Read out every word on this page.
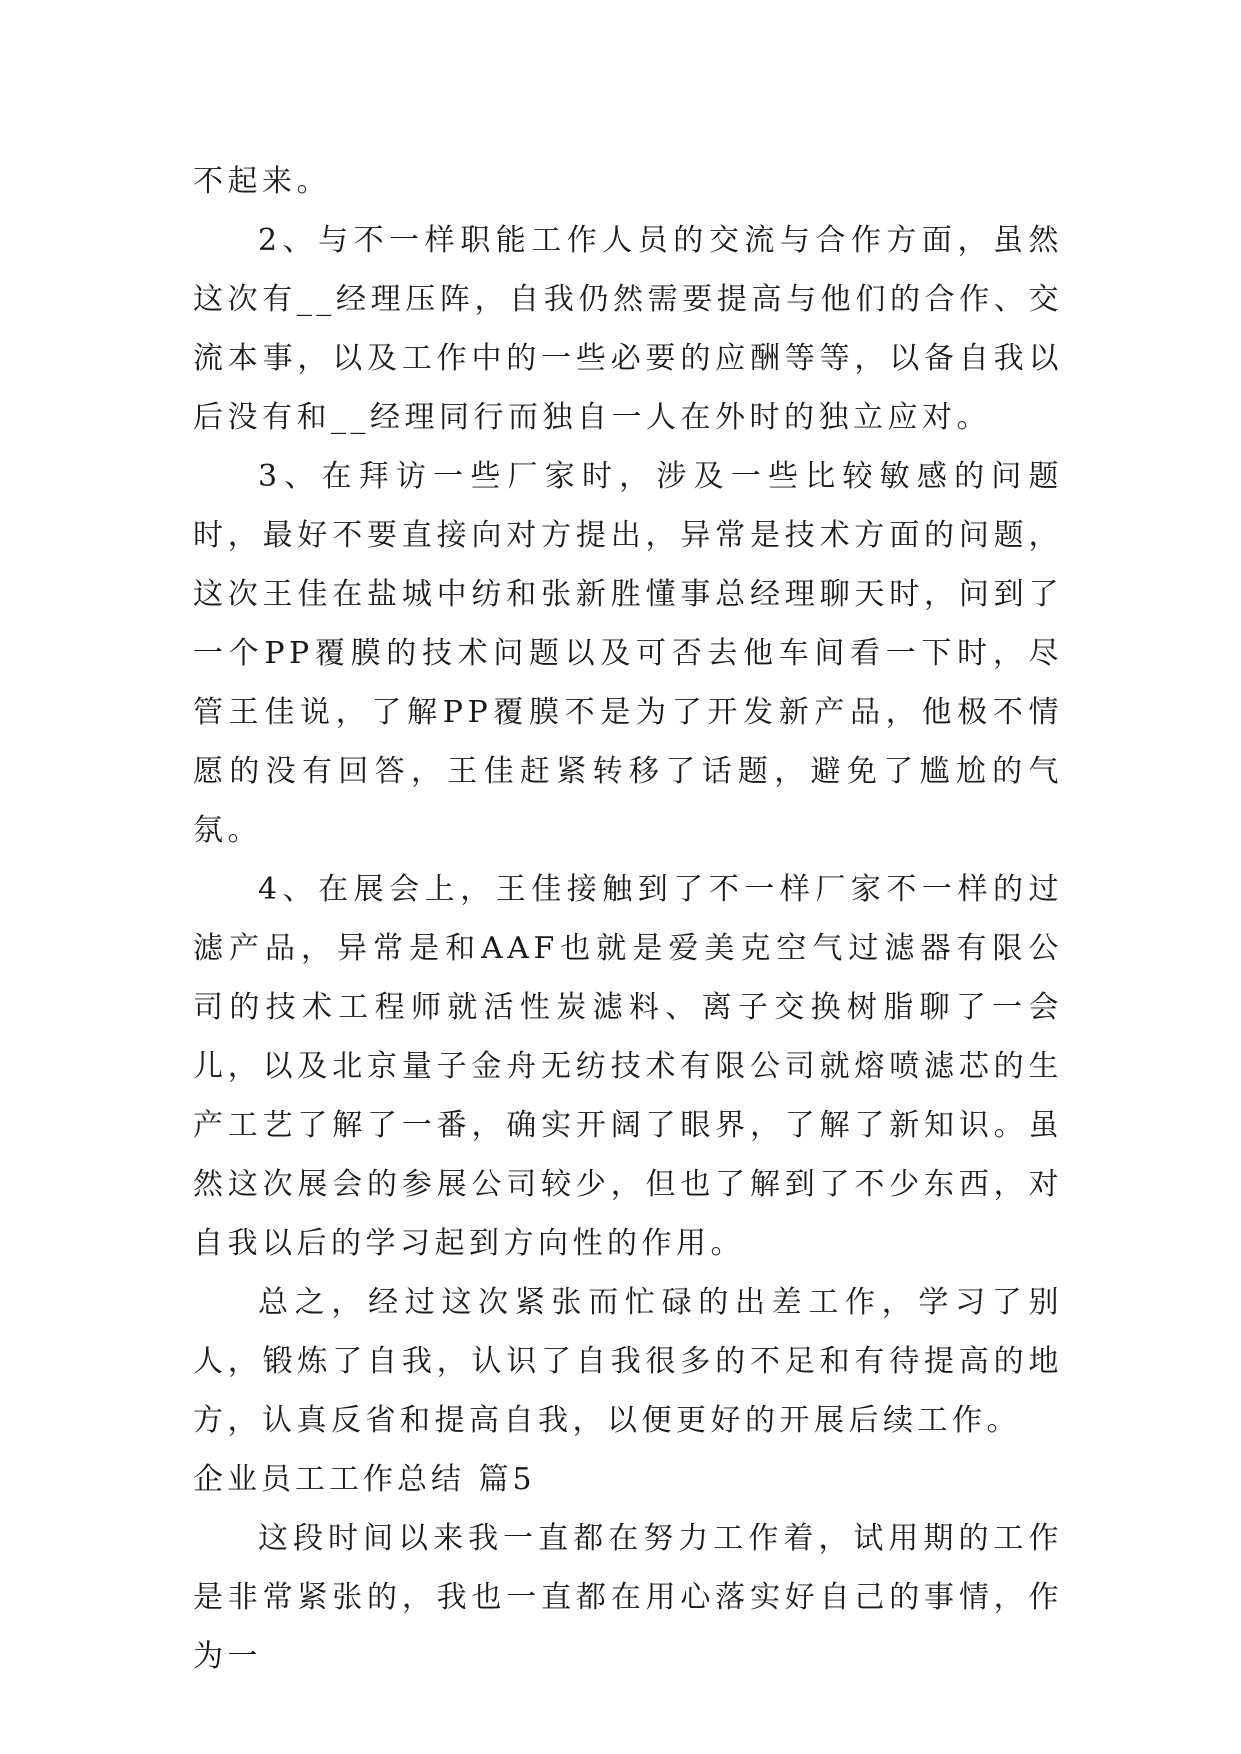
不起来。

2、与不一样职能工作人员的交流与合作方面，虽然这次有__经理压阵，自我仍然需要提高与他们的合作、交流本事，以及工作中的一些必要的应酬等等，以备自我以后没有和__经理同行而独自一人在外时的独立应对。

3、在拜访一些厂家时，涉及一些比较敏感的问题时，最好不要直接向对方提出，异常是技术方面的问题，这次王佳在盐城中纺和张新胜懂事总经理聊天时，问到了一个PP覆膜的技术问题以及可否去他车间看一下时，尽管王佳说，了解PP覆膜不是为了开发新产品，他极不情愿的没有回答，王佳赶紧转移了话题，避免了尴尬的气氛。

4、在展会上，王佳接触到了不一样厂家不一样的过滤产品，异常是和AAF也就是爱美克空气过滤器有限公司的技术工程师就活性炭滤料、离子交换树脂聊了一会儿，以及北京量子金舟无纺技术有限公司就熔喷滤芯的生产工艺了解了一番，确实开阔了眼界，了解了新知识。虽然这次展会的参展公司较少，但也了解到了不少东西，对自我以后的学习起到方向性的作用。

总之，经过这次紧张而忙碌的出差工作，学习了别人，锻炼了自我，认识了自我很多的不足和有待提高的地方，认真反省和提高自我，以便更好的开展后续工作。

企业员工工作总结 篇5

这段时间以来我一直都在努力工作着，试用期的工作是非常紧张的，我也一直都在用心落实好自己的事情，作为一
